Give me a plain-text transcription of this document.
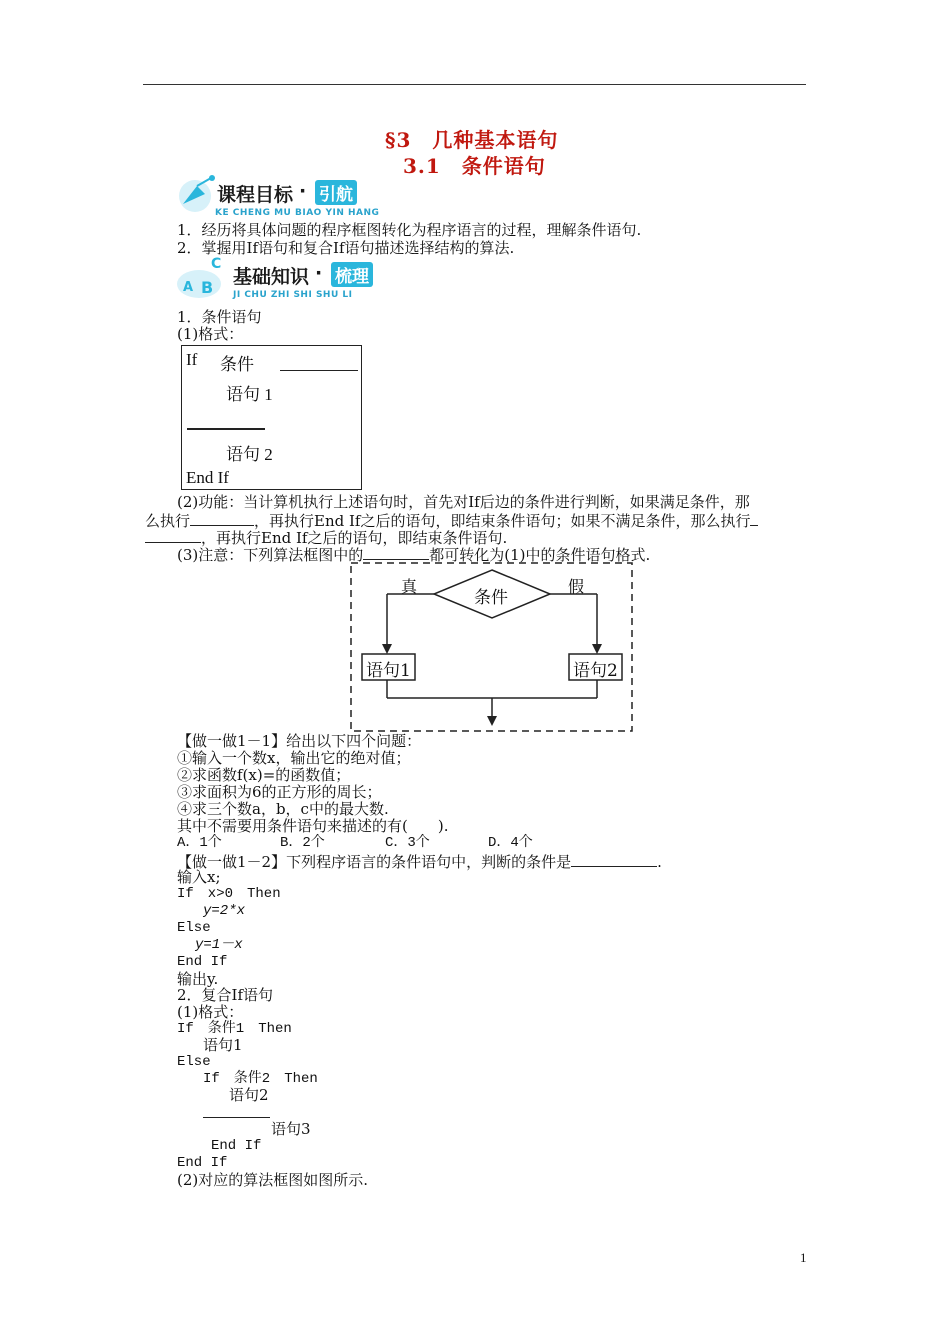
§3　几种基本语句
3.1　条件语句
课程目标 · 引航
KE CHENG MU BIAO YIN HANG
1．经历将具体问题的程序框图转化为程序语言的过程，理解条件语句.
2．掌握用If语句和复合If语句描述选择结构的算法.
C
A B 基础知识 · 梳理
JI CHU ZHI SHI SHU LI
1．条件语句
(1)格式：
If 条件
语句 1
语句 2
End If
(2)功能：当计算机执行上述语句时，首先对If后边的条件进行判断，如果满足条件，那
么执行	，再执行End If之后的语句，即结束条件语句；如果不满足条件，那么执行
，再执行End If之后的语句，即结束条件语句.
(3)注意：下列算法框图中的	都可转化为(1)中的条件语句格式.
真	假
条件
语句1	语句2
【做一做1－1】给出以下四个问题：
①输入一个数x，输出它的绝对值；
②求函数f(x)=的函数值；
③求面积为6的正方形的周长；
④求三个数a，b，c中的最大数.
其中不需要用条件语句来描述的有(　　).
A．1个	B．2个	C．3个	D．4个
【做一做1－2】下列程序语言的条件语句中，判断的条件是	.
输入x;
If　x>0　Then
y=2*x
Else
y=1－x
End If
输出y.
2．复合If语句
(1)格式：
If　条件1　Then
语句1
Else
If　条件2　Then
语句2
语句3
End If
End If
(2)对应的算法框图如图所示.
1
